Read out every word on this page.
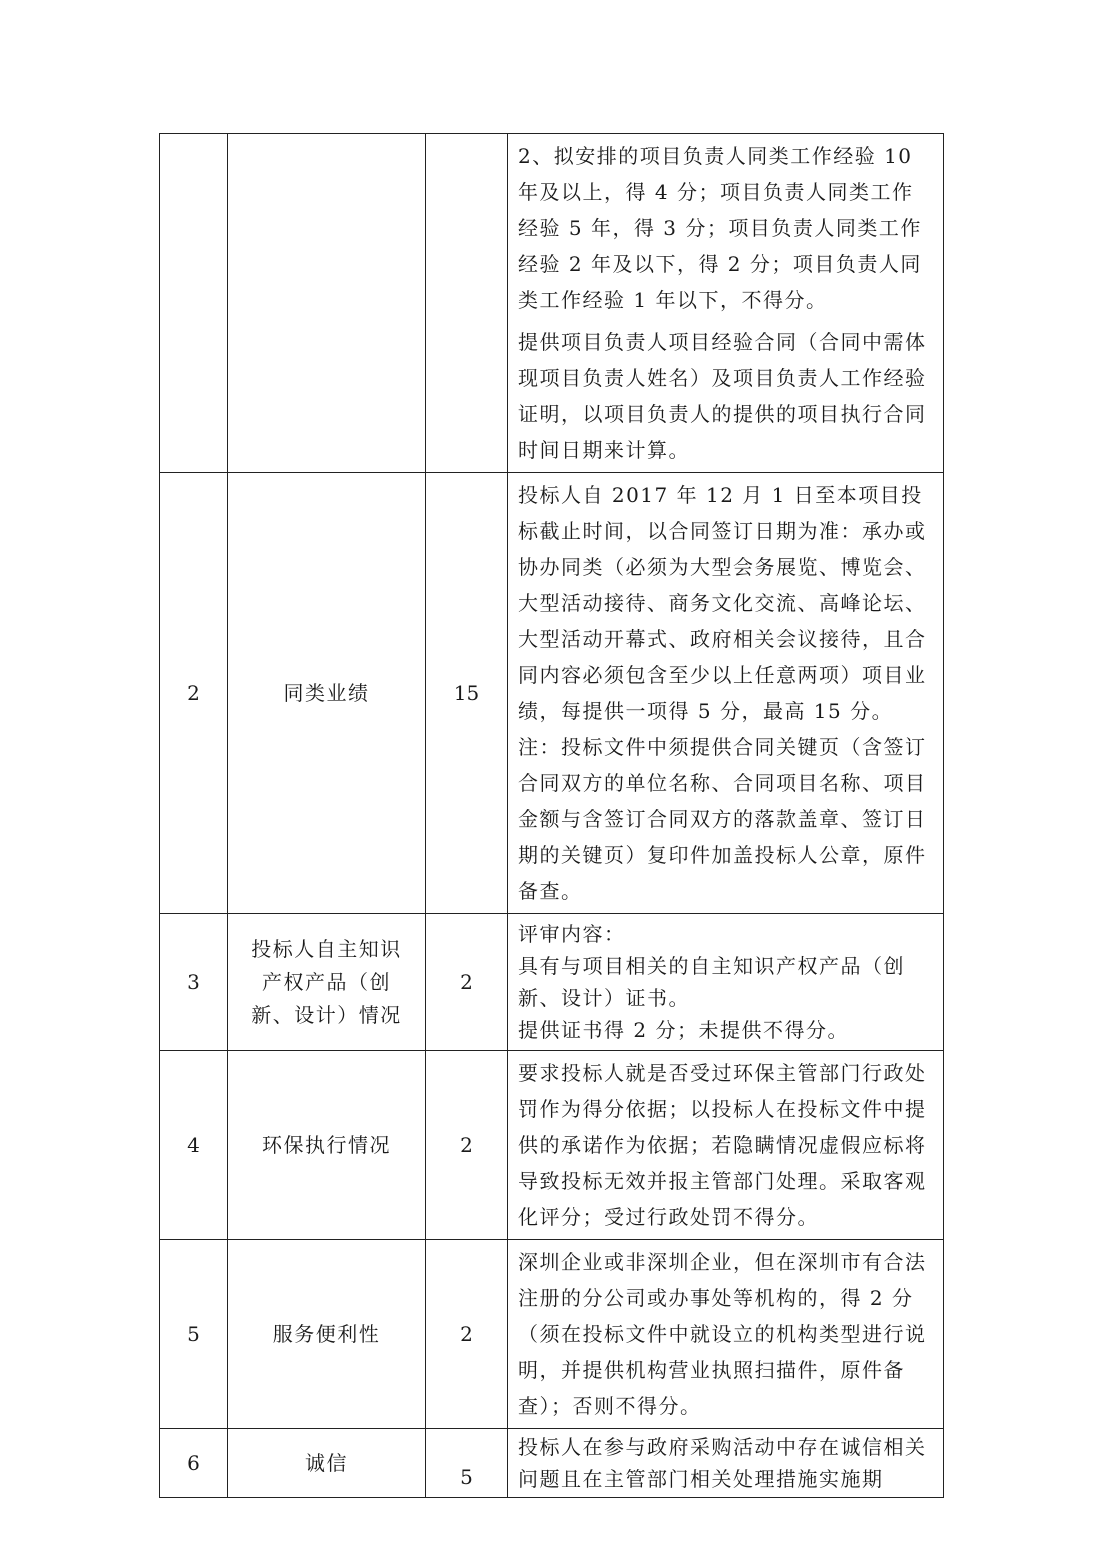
			2、拟安排的项目负责人同类工作经验 10 年及以上，得 4 分；项目负责人同类工作经验 5 年，得 3 分；项目负责人同类工作经验 2 年及以下，得 2 分；项目负责人同类工作经验 1 年以下，不得分。

提供项目负责人项目经验合同（合同中需体现项目负责人姓名）及项目负责人工作经验证明，以项目负责人的提供的项目执行合同时间日期来计算。

2	同类业绩	15	投标人自 2017 年 12 月 1 日至本项目投标截止时间，以合同签订日期为准：承办或协办同类（必须为大型会务展览、博览会、大型活动接待、商务文化交流、高峰论坛、大型活动开幕式、政府相关会议接待，且合同内容必须包含至少以上任意两项）项目业绩，每提供一项得 5 分，最高 15 分。

注：投标文件中须提供合同关键页（含签订合同双方的单位名称、合同项目名称、项目金额与含签订合同双方的落款盖章、签订日期的关键页）复印件加盖投标人公章，原件备查。

3	投标人自主知识产权产品（创新、设计）情况	2	评审内容：

具有与项目相关的自主知识产权产品（创新、设计）证书。

提供证书得 2 分；未提供不得分。

4	环保执行情况	2	要求投标人就是否受过环保主管部门行政处罚作为得分依据；以投标人在投标文件中提供的承诺作为依据；若隐瞒情况虚假应标将导致投标无效并报主管部门处理。采取客观化评分；受过行政处罚不得分。

5	服务便利性	2	深圳企业或非深圳企业，但在深圳市有合法注册的分公司或办事处等机构的，得 2 分（须在投标文件中就设立的机构类型进行说明，并提供机构营业执照扫描件，原件备查）；否则不得分。

6	诚信	5	投标人在参与政府采购活动中存在诚信相关问题且在主管部门相关处理措施实施期
